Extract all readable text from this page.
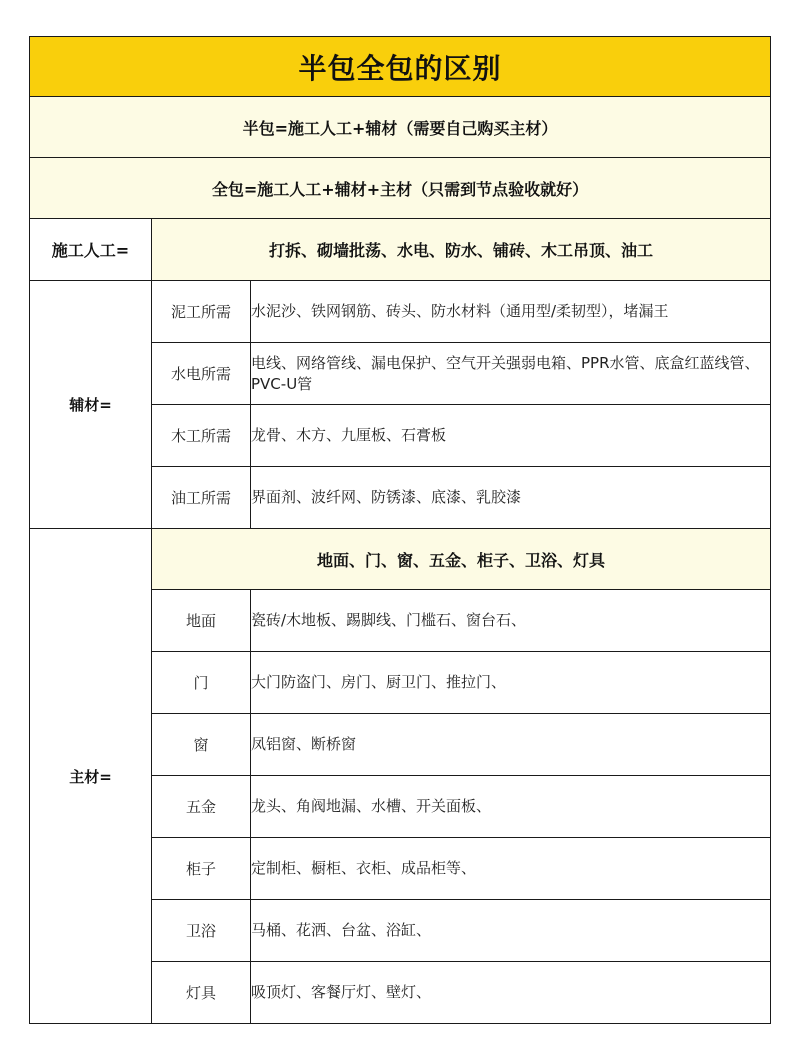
半包全包的区别		
半包=施工人工+辅材（需要自己购买主材）		
全包=施工人工+辅材+主材（只需到节点验收就好）		
施工人工=	打拆、砌墙批荡、水电、防水、铺砖、木工吊顶、油工	
辅材=	泥工所需	水泥沙、铁网钢筋、砖头、防水材料（通用型/柔韧型），堵漏王
	水电所需	电线、网络管线、漏电保护、空气开关强弱电箱、PPR水管、底盒红蓝线管、 PVC-U管
	木工所需	龙骨、木方、九厘板、石膏板
	油工所需	界面剂、波纤网、防锈漆、底漆、乳胶漆
主材=	地面、门、窗、五金、柜子、卫浴、灯具	
	地面	瓷砖/木地板、踢脚线、门槛石、窗台石、
	门	大门防盗门、房门、厨卫门、推拉门、
	窗	凤铝窗、断桥窗
	五金	龙头、角阀地漏、水槽、开关面板、
	柜子	定制柜、橱柜、衣柜、成品柜等、
	卫浴	马桶、花洒、台盆、浴缸、
	灯具	吸顶灯、客餐厅灯、壁灯、
